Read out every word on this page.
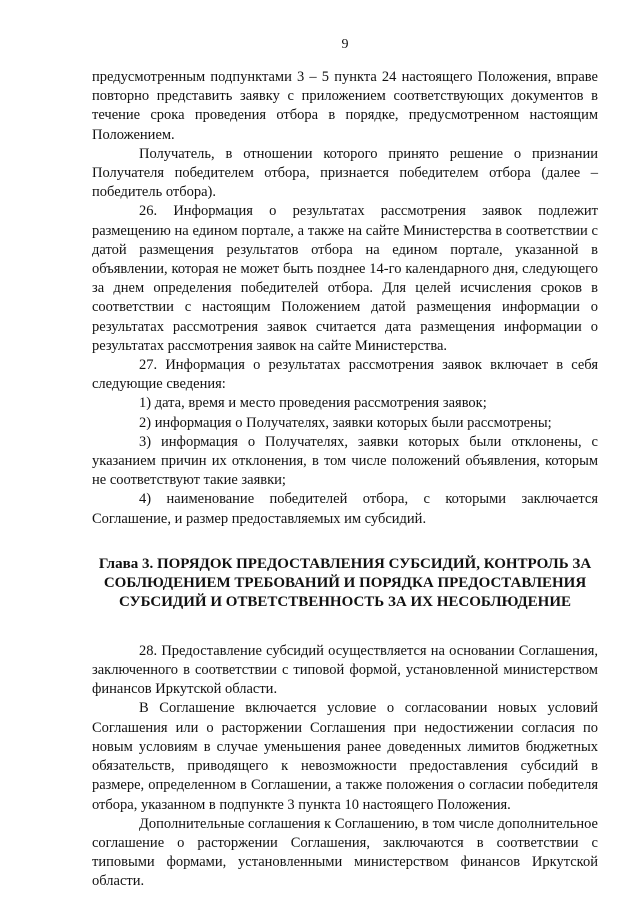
9

предусмотренным подпунктами 3 – 5 пункта 24 настоящего Положения, вправе повторно представить заявку с приложением соответствующих документов в течение срока проведения отбора в порядке, предусмотренном настоящим Положением.

Получатель, в отношении которого принято решение о признании Получателя победителем отбора, признается победителем отбора (далее – победитель отбора).

26. Информация о результатах рассмотрения заявок подлежит размещению на едином портале, а также на сайте Министерства в соответствии с датой размещения результатов отбора на едином портале, указанной в объявлении, которая не может быть позднее 14-го календарного дня, следующего за днем определения победителей отбора. Для целей исчисления сроков в соответствии с настоящим Положением датой размещения информации о результатах рассмотрения заявок считается дата размещения информации о результатах рассмотрения заявок на сайте Министерства.

27. Информация о результатах рассмотрения заявок включает в себя следующие сведения:

1) дата, время и место проведения рассмотрения заявок;

2) информация о Получателях, заявки которых были рассмотрены;

3) информация о Получателях, заявки которых были отклонены, с указанием причин их отклонения, в том числе положений объявления, которым не соответствуют такие заявки;

4) наименование победителей отбора, с которыми заключается Соглашение, и размер предоставляемых им субсидий.

Глава 3. ПОРЯДОК ПРЕДОСТАВЛЕНИЯ СУБСИДИЙ, КОНТРОЛЬ ЗА СОБЛЮДЕНИЕМ ТРЕБОВАНИЙ И ПОРЯДКА ПРЕДОСТАВЛЕНИЯ СУБСИДИЙ И ОТВЕТСТВЕННОСТЬ ЗА ИХ НЕСОБЛЮДЕНИЕ

28. Предоставление субсидий осуществляется на основании Соглашения, заключенного в соответствии с типовой формой, установленной министерством финансов Иркутской области.

В Соглашение включается условие о согласовании новых условий Соглашения или о расторжении Соглашения при недостижении согласия по новым условиям в случае уменьшения ранее доведенных лимитов бюджетных обязательств, приводящего к невозможности предоставления субсидий в размере, определенном в Соглашении, а также положения о согласии победителя отбора, указанном в подпункте 3 пункта 10 настоящего Положения.

Дополнительные соглашения к Соглашению, в том числе дополнительное соглашение о расторжении Соглашения, заключаются в соответствии с типовыми формами, установленными министерством финансов Иркутской области.
